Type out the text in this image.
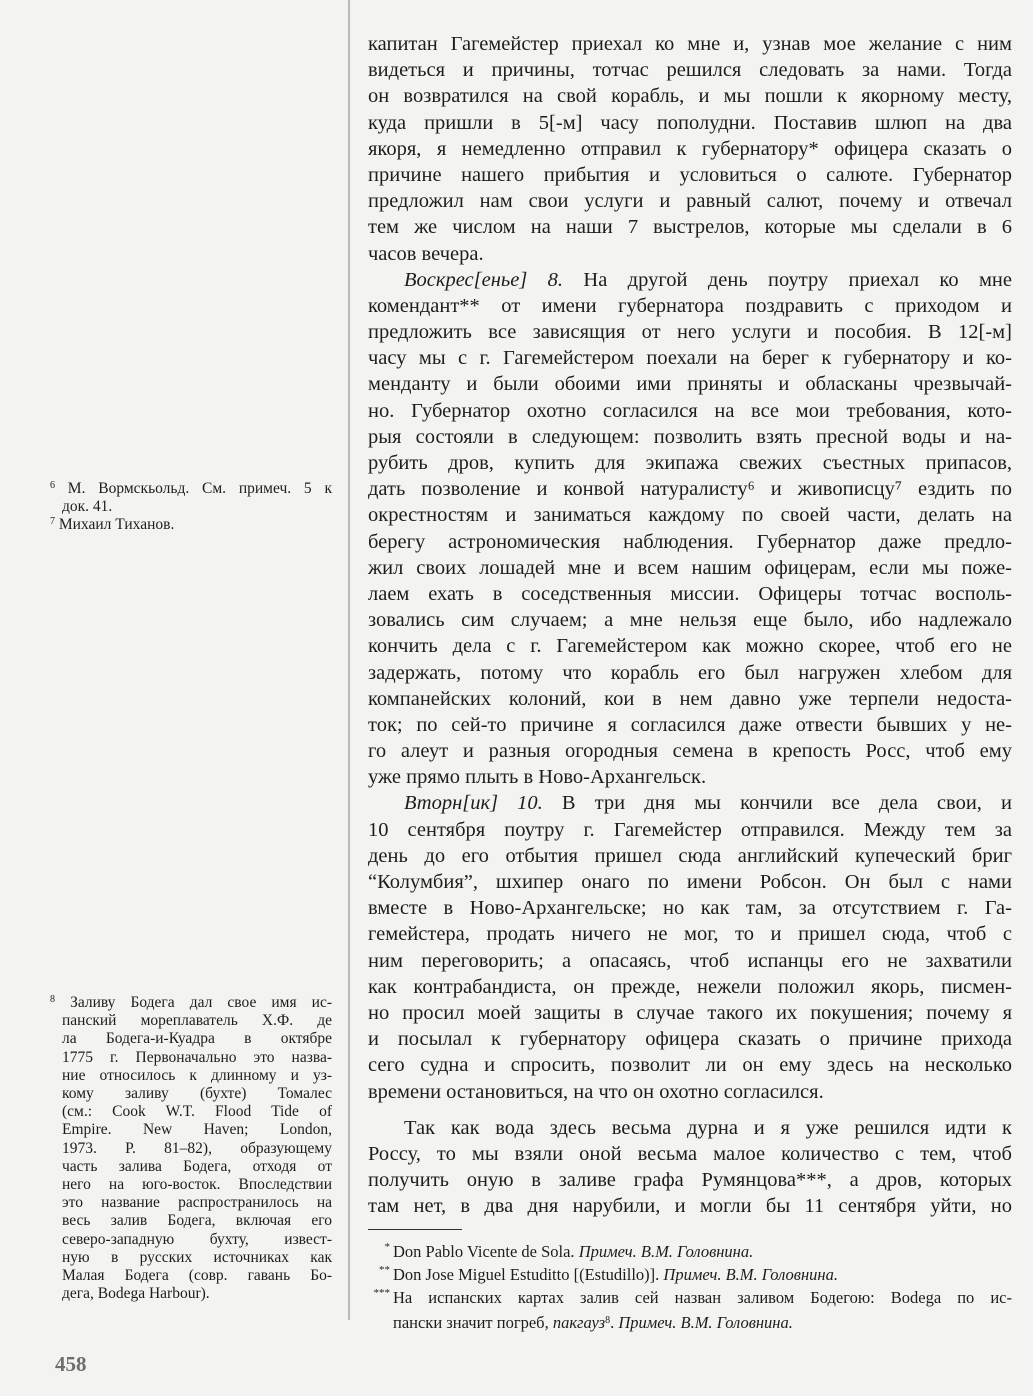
капитан Гагемейстер приехал ко мне и, узнав мое желание с ним
видеться и причины, тотчас решился следовать за нами. Тогда
он возвратился на свой корабль, и мы пошли к якорному месту,
куда пришли в 5[-м] часу пополудни. Поставив шлюп на два
якоря, я немедленно отправил к губернатору* офицера сказать о
причине нашего прибытия и условиться о салюте. Губернатор
предложил нам свои услуги и равный салют, почему и отвечал
тем же числом на наши 7 выстрелов, которые мы сделали в 6
часов вечера.
Воскрес[енье] 8. На другой день поутру приехал ко мне
комендант** от имени губернатора поздравить с приходом и
предложить все зависящия от него услуги и пособия. В 12[-м]
часу мы с г. Гагемейстером поехали на берег к губернатору и ко-
менданту и были обоими ими приняты и обласканы чрезвычай-
но. Губернатор охотно согласился на все мои требования, кото-
рыя состояли в следующем: позволить взять пресной воды и на-
рубить дров, купить для экипажа свежих съестных припасов,
дать позволение и конвой натуралисту⁶ и живописцу⁷ ездить по
окрестностям и заниматься каждому по своей части, делать на
берегу астрономическия наблюдения. Губернатор даже предло-
жил своих лошадей мне и всем нашим офицерам, если мы поже-
лаем ехать в соседственныя миссии. Офицеры тотчас восполь-
зовались сим случаем; а мне нельзя еще было, ибо надлежало
кончить дела с г. Гагемейстером как можно скорее, чтоб его не
задержать, потому что корабль его был нагружен хлебом для
компанейских колоний, кои в нем давно уже терпели недоста-
ток; по сей-то причине я согласился даже отвести бывших у не-
го алеут и разныя огородныя семена в крепость Росс, чтоб ему
уже прямо плыть в Ново-Архангельск.
Вторн[ик] 10. В три дня мы кончили все дела свои, и
10 сентября поутру г. Гагемейстер отправился. Между тем за
день до его отбытия пришел сюда английский купеческий бриг
“Колумбия”, шхипер онаго по имени Робсон. Он был с нами
вместе в Ново-Архангельске; но как там, за отсутствием г. Га-
гемейстера, продать ничего не мог, то и пришел сюда, чтоб с
ним переговорить; а опасаясь, чтоб испанцы его не захватили
как контрабандиста, он прежде, нежели положил якорь, писмен-
но просил моей защиты в случае такого их покушения; почему я
и посылал к губернатору офицера сказать о причине прихода
сего судна и спросить, позволит ли он ему здесь на несколько
времени остановиться, на что он охотно согласился.
Так как вода здесь весьма дурна и я уже решился идти к
Россу, то мы взяли оной весьма малое количество с тем, чтоб
получить оную в заливе графа Румянцова***, а дров, которых
там нет, в два дня нарубили, и могли бы 11 сентября уйти, но
* Don Pablo Vicente de Sola. Примеч. В.М. Головнина.
** Don Jose Miguel Estuditto [(Estudillo)]. Примеч. В.М. Головнина.
*** На испанских картах залив сей назван заливом Бодегою: Bodega по ис-
пански значит погреб, пакгауз$^8$. Примеч. В.М. Головнина.
$^6$ М. Вормскьольд. См. примеч. 5 к
док. 41.
$^7$ Михаил Тиханов.
$^8$ Заливу Бодега дал свое имя ис-
панский мореплаватель Х.Ф. де
ла Бодега-и-Куадра в октябре
1775 г. Первоначально это назва-
ние относилось к длинному и уз-
кому заливу (бухте) Томалес
(см.: Cook W.T. Flood Tide of
Empire. New Haven; London,
1973. P. 81–82), образующему
часть залива Бодега, отходя от
него на юго-восток. Впоследствии
это название распространилось на
весь залив Бодега, включая его
северо-западную бухту, извест-
ную в русских источниках как
Малая Бодега (совр. гавань Бо-
дега, Bodega Harbour).
458
